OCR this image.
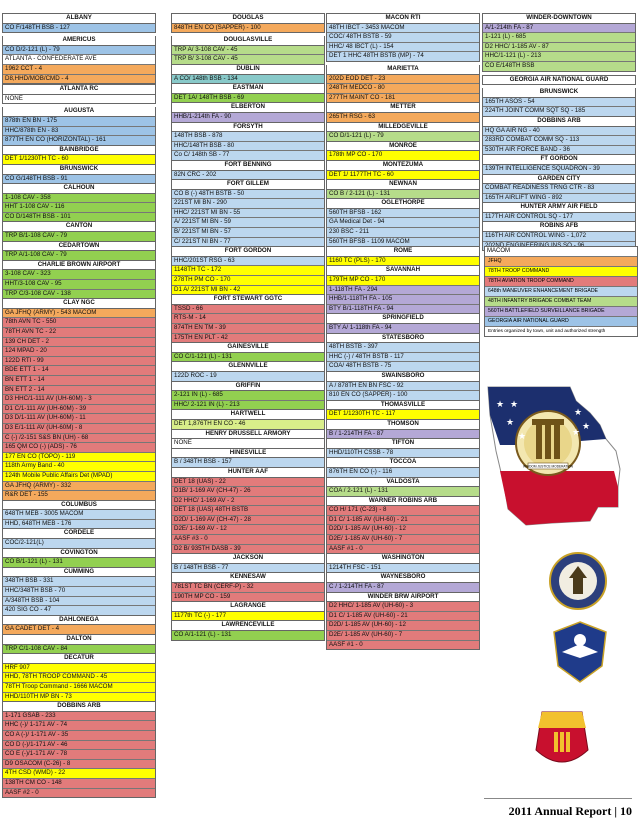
ALBANY
CO F/148TH BSB - 127
AMERICUS
CO D/2-121 (L) - 79
ATLANTA - CONFEDERATE AVE
1962 CCT - 4
D8,HHD/MOB/CMD - 4
ATLANTA RC
NONE
AUGUSTA
878th EN BN - 175
HHC/878th EN - 83
877TH EN CO (HORIZONTAL) - 161
BAINBRIDGE
DET 1/1230TH TC - 60
BRUNSWICK
CO G/148TH BSB - 91
CALHOUN
1-108 CAV - 358
HHT 1-108 CAV - 116
CO D/148TH BSB - 101
CANTON
TRP B/1-108 CAV - 79
CEDARTOWN
TRP A/1-108 CAV - 79
CHARLIE BROWN AIRPORT
3-108 CAV - 323
HHT/3-108 CAV - 95
TRP C/3-108 CAV - 138
CLAY NGC
GA JFHQ (ARMY) - 543 MACOM
78th AVN TC - 550
78TH AVN TC - 22
139 CH DET - 2
124 MPAD - 20
122D RTI - 99
BDE ETT 1 - 14
BN ETT 1 - 14
BN ETT 2 - 14
D3 HHC/1-111 AV (UH-60M) - 3
D1 C/1-111 AV (UH-60M) - 39
D3 D/1-111 AV (UH-60M) - 11
D3 E/1-111 AV (UH-60M) - 8
C (-) /2-151 S&S BN (UH) - 68
165 QM CO (-) (ADS) - 76
177 EN CO (TOPO) - 119
118th Army Band - 40
124th Mobile Public Affairs Det (MPAD)
GA JFHQ (ARMY) - 332
R&R DET - 155
COLUMBUS
648TH MEB - 3005 MACOM
HHD, 648TH MEB - 176
CORDELE
COC/2-121(L)
COVINGTON
CO B/1-121 (L) - 131
CUMMING
348TH BSB - 331
HHC/348TH BSB - 70
A/348TH BSB - 104
420 SIG CO - 47
DAHLONEGA
GA CADET DET - 4
DALTON
TRP C/1-108 CAV - 84
DECATUR
HRF 907
HHD, 78TH TROOP COMMAND - 45
78TH Troop Command - 1666 MACOM
HHD/110TH MP BN - 73
DOBBINS ARB
1-171 GSAB - 233
HHC (-)/ 1-171 AV - 74
CO A (-)/ 1-171 AV - 35
CO D (-)/1-171 AV - 46
CO E (-)/1-171 AV - 78
D9 OSACOM (C-26) - 8
4TH CSD (WMD) - 22
138TH CM CO - 148
AASF #2 - 0
DOUGLAS
848TH EN CO (SAPPER) - 100
DOUGLASVILLE
TRP A/ 3-108 CAV - 45
TRP B/ 3-108 CAV - 45
DUBLIN
A CO/ 148th BSB - 134
EASTMAN
DET 1A/ 148TH BSB - 69
ELBERTON
HHB/1-214th FA - 90
FORSYTH
148TH BSB - 878
HHC/148TH BSB - 80
Co C/ 148th SB - 77
FORT BENNING
82N CRC - 202
FORT GILLEM
CO B (-) 48TH BSTB - 50
221ST MI BN - 290
HHC/ 221ST MI BN - 55
A/ 221ST MI BN - 59
B/ 221ST MI BN - 57
C/ 221ST NI BN - 77
FORT GORDON
HHC/201ST RSG - 63
1148TH TC - 172
278TH PM CO - 170
D1 A/ 221ST MI BN - 42
FORT STEWART GGTC
TSSD - 66
RTS-M - 14
874TH EN TM - 39
175TH EN PLT - 42
GAINESVILLE
CO C/1-121 (L) - 131
GLENNVILLE
122D ROC - 19
GRIFFIN
2-121 IN (L) - 685
HHC/ 2-121 IN (L) - 213
HARTWELL
DET 1,876TH EN CO - 46
HENRY DRUSSELL ARMORY
NONE
HINESVILLE
B / 348TH BSB - 157
HUNTER AAF
DET 18 (UAS) - 22
D1B/ 1-169 AV (CH-47) - 26
D2 HHC/ 1-169 AV - 2
DET 18 (UAS) 48TH BSTB
D2D/ 1-169 AV (CH-47) - 28
D2E/ 1-169 AV - 12
AASF #3 - 0
D2 B/ 935TH DASB - 39
JACKSON
B / 148TH BSB - 77
KENNESAW
781ST TC BN (CERF-P) - 32
190TH MP CO - 159
LAGRANGE
1177th TC (-) - 177
LAWRENCEVILLE
CO A/1-121 (L) - 131
MACON RTI
48TH IBCT - 3453 MACOM
COC/ 48TH BSTB - 59
HHC/ 48 IBCT (L) - 154
DET 1 HHC 48TH BSTB (MP) - 74
MARIETTA
202D EOD DET - 23
248TH MEDCO - 80
277TH MAINT CO - 181
METTER
265TH RSG - 63
MILLEDGEVILLE
CO D/1-121 (L) - 79
MONROE
178th MP CO - 170
MONTEZUMA
DET 1/ 1177TH TC - 60
NEWNAN
CO B / 2-121 (L) - 131
OGLETHORPE
560TH BFSB - 162
GA Medical Det - 94
230 BSC - 211
560TH BFSB - 1109 MACOM
ROME
1160 TC (PLS) - 170
SAVANNAH
179TH MP CO - 170
1-118TH FA - 294
HHB/1-118TH FA - 105
BTY B/1-118TH FA - 94
SPRINGFIELD
BTY A/ 1-118th FA - 94
STATESBORO
48TH BSTB - 397
HHC (-) / 48TH BSTB - 117
COA/ 48TH BSTB - 75
SWAINSBORO
A / 878TH EN BN FSC - 92
810 EN CO (SAPPER) - 100
THOMASVILLE
DET 1/1230TH TC - 117
THOMSON
B / 1-214TH FA - 87
TIFTON
HHD/110TH CSSB - 78
TOCCOA
876TH EN CO (-) - 116
VALDOSTA
COA / 2-121 (L) - 131
WARNER ROBINS ARB
CO H/ 171 (C-23) - 8
D1 C/ 1-185 AV (UH-60) - 21
D2D/ 1-185 AV (UH-60) - 12
D2E/ 1-185 AV (UH-60) - 7
AASF #1 - 0
WASHINGTON
1214TH FSC - 151
WAYNESBORO
C / 1-214TH FA - 87
WINDER BRW AIRPORT
D2 HHC/ 1-185 AV (UH-60) - 3
D1 C/ 1-185 AV (UH-60) - 21
D2D/ 1-185 AV (UH-60) - 12
D2E/ 1-185 AV (UH-60) - 7
AASF #1 - 0
WINDER-DOWNTOWN
A/1-214th FA - 87
1-121 (L) - 685
D2 HHC/ 1-185 AV - 87
HHC/1-121 (L) - 213
CO E/148TH BSB
GEORGIA AIR NATIONAL GUARD
BRUNSWICK
165TH ASOS - 54
224TH JOINT COMM SQT SQ - 185
DOBBINS ARB
HQ GA AIR NG - 40
283RD COMBAT COMM SQ - 113
530TH AIR FORCE BAND - 36
FT GORDON
139TH INTELLIGENCE SQUADRON - 39
GARDEN CITY
COMBAT READINESS TRNG CTR - 83
165TH AIRLIFT WING - 892
HUNTER ARMY AIR FIELD
117TH AIR CONTROL SQ - 177
ROBINS AFB
116TH AIR CONTROL WING - 1,072
MACOM
JFHQ
78TH TROOP COMMAND
78TH AVIATION TROOP COMMAND
648th MANEUVER ENHANCEMENT BRIGADE
48TH INFANTRY BRIGADE COMBAT TEAM
560TH BATTLEFIELD SURVEILLANCE BRIGADE
GEORGIA AIR NATIONAL GUARD
Entries organized by town, unit and authorized strength
WISDOM JUSTICE MODERATION
★
★
★
★
★
★
★
2011 Annual Report | 10
